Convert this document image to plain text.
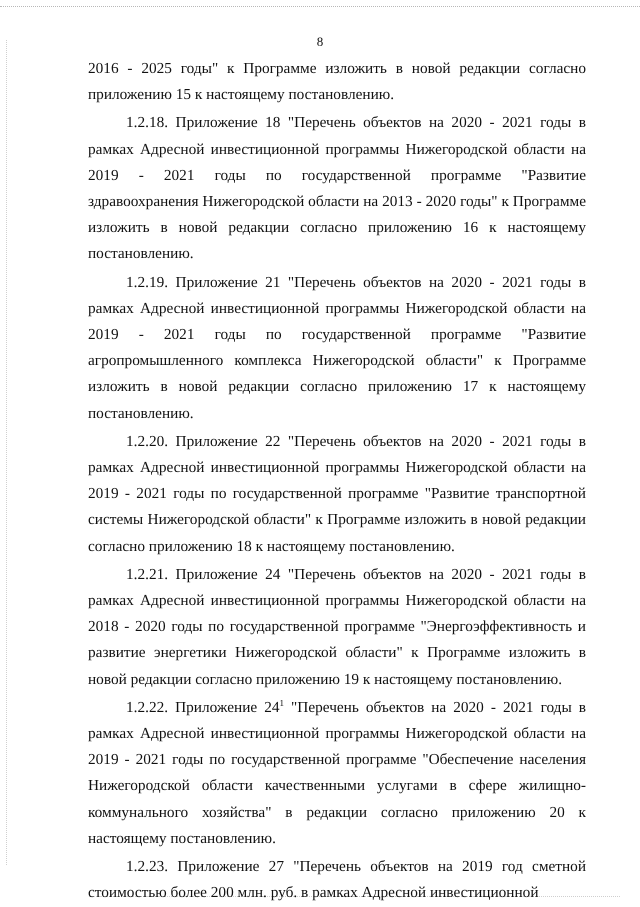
8

2016 - 2025 годы" к Программе изложить в новой редакции согласно приложению 15 к настоящему постановлению.

1.2.18. Приложение 18 "Перечень объектов на 2020 - 2021 годы в рамках Адресной инвестиционной программы Нижегородской области на 2019 - 2021 годы по государственной программе "Развитие здравоохранения Нижегородской области на 2013 - 2020 годы" к Программе изложить в новой редакции согласно приложению 16 к настоящему постановлению.

1.2.19. Приложение 21 "Перечень объектов на 2020 - 2021 годы в рамках Адресной инвестиционной программы Нижегородской области на 2019 - 2021 годы по государственной программе "Развитие агропромышленного комплекса Нижегородской области" к Программе изложить в новой редакции согласно приложению 17 к настоящему постановлению.

1.2.20. Приложение 22 "Перечень объектов на 2020 - 2021 годы в рамках Адресной инвестиционной программы Нижегородской области на 2019 - 2021 годы по государственной программе "Развитие транспортной системы Нижегородской области" к Программе изложить в новой редакции согласно приложению 18 к настоящему постановлению.

1.2.21. Приложение 24 "Перечень объектов на 2020 - 2021 годы в рамках Адресной инвестиционной программы Нижегородской области на 2018 - 2020 годы по государственной программе "Энергоэффективность и развитие энергетики Нижегородской области" к Программе изложить в новой редакции согласно приложению 19 к настоящему постановлению.

1.2.22. Приложение $24^1$ "Перечень объектов на 2020 - 2021 годы в рамках Адресной инвестиционной программы Нижегородской области на 2019 - 2021 годы по государственной программе "Обеспечение населения Нижегородской области качественными услугами в сфере жилищно-коммунального хозяйства" в редакции согласно приложению 20 к настоящему постановлению.

1.2.23. Приложение 27 "Перечень объектов на 2019 год сметной стоимостью более 200 млн. руб. в рамках Адресной инвестиционной
